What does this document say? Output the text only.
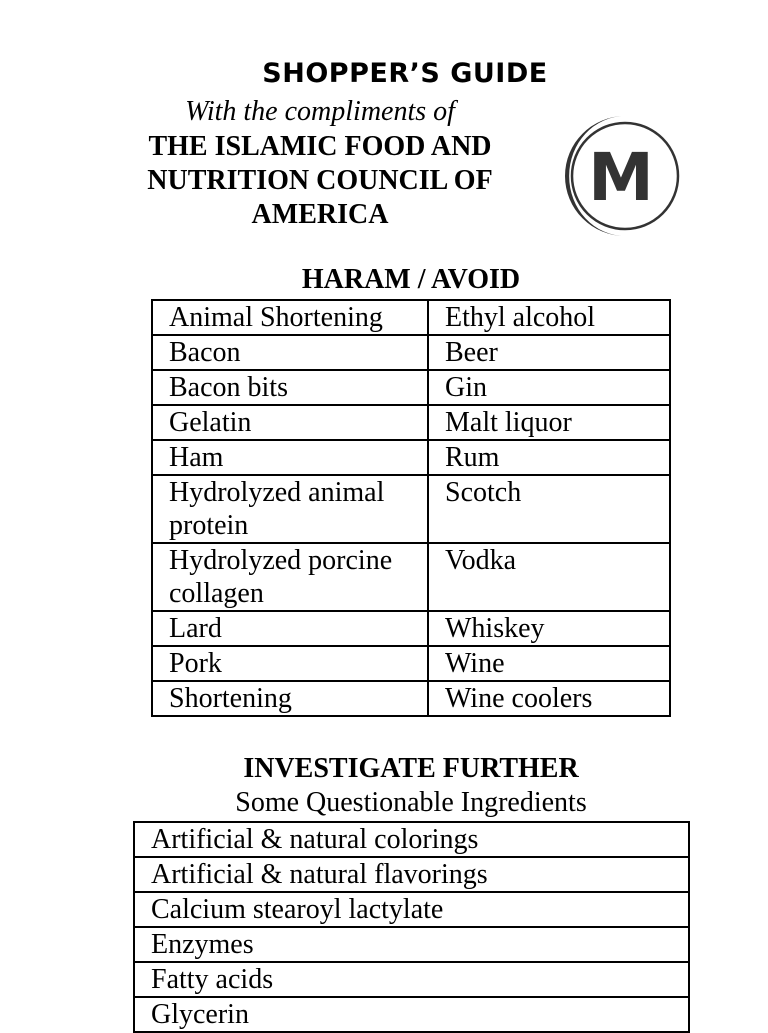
SHOPPER’S GUIDE
With the compliments of
THE ISLAMIC FOOD AND
NUTRITION COUNCIL OF
AMERICA	M
HARAM / AVOID
Animal Shortening	Ethyl alcohol
Bacon	Beer
Bacon bits	Gin
Gelatin	Malt liquor
Ham	Rum
Hydrolyzed animal protein	Scotch
Hydrolyzed porcine collagen	Vodka
Lard	Whiskey
Pork	Wine
Shortening	Wine coolers
INVESTIGATE FURTHER
Some Questionable Ingredients
Artificial & natural colorings
Artificial & natural flavorings
Calcium stearoyl lactylate
Enzymes
Fatty acids
Glycerin
